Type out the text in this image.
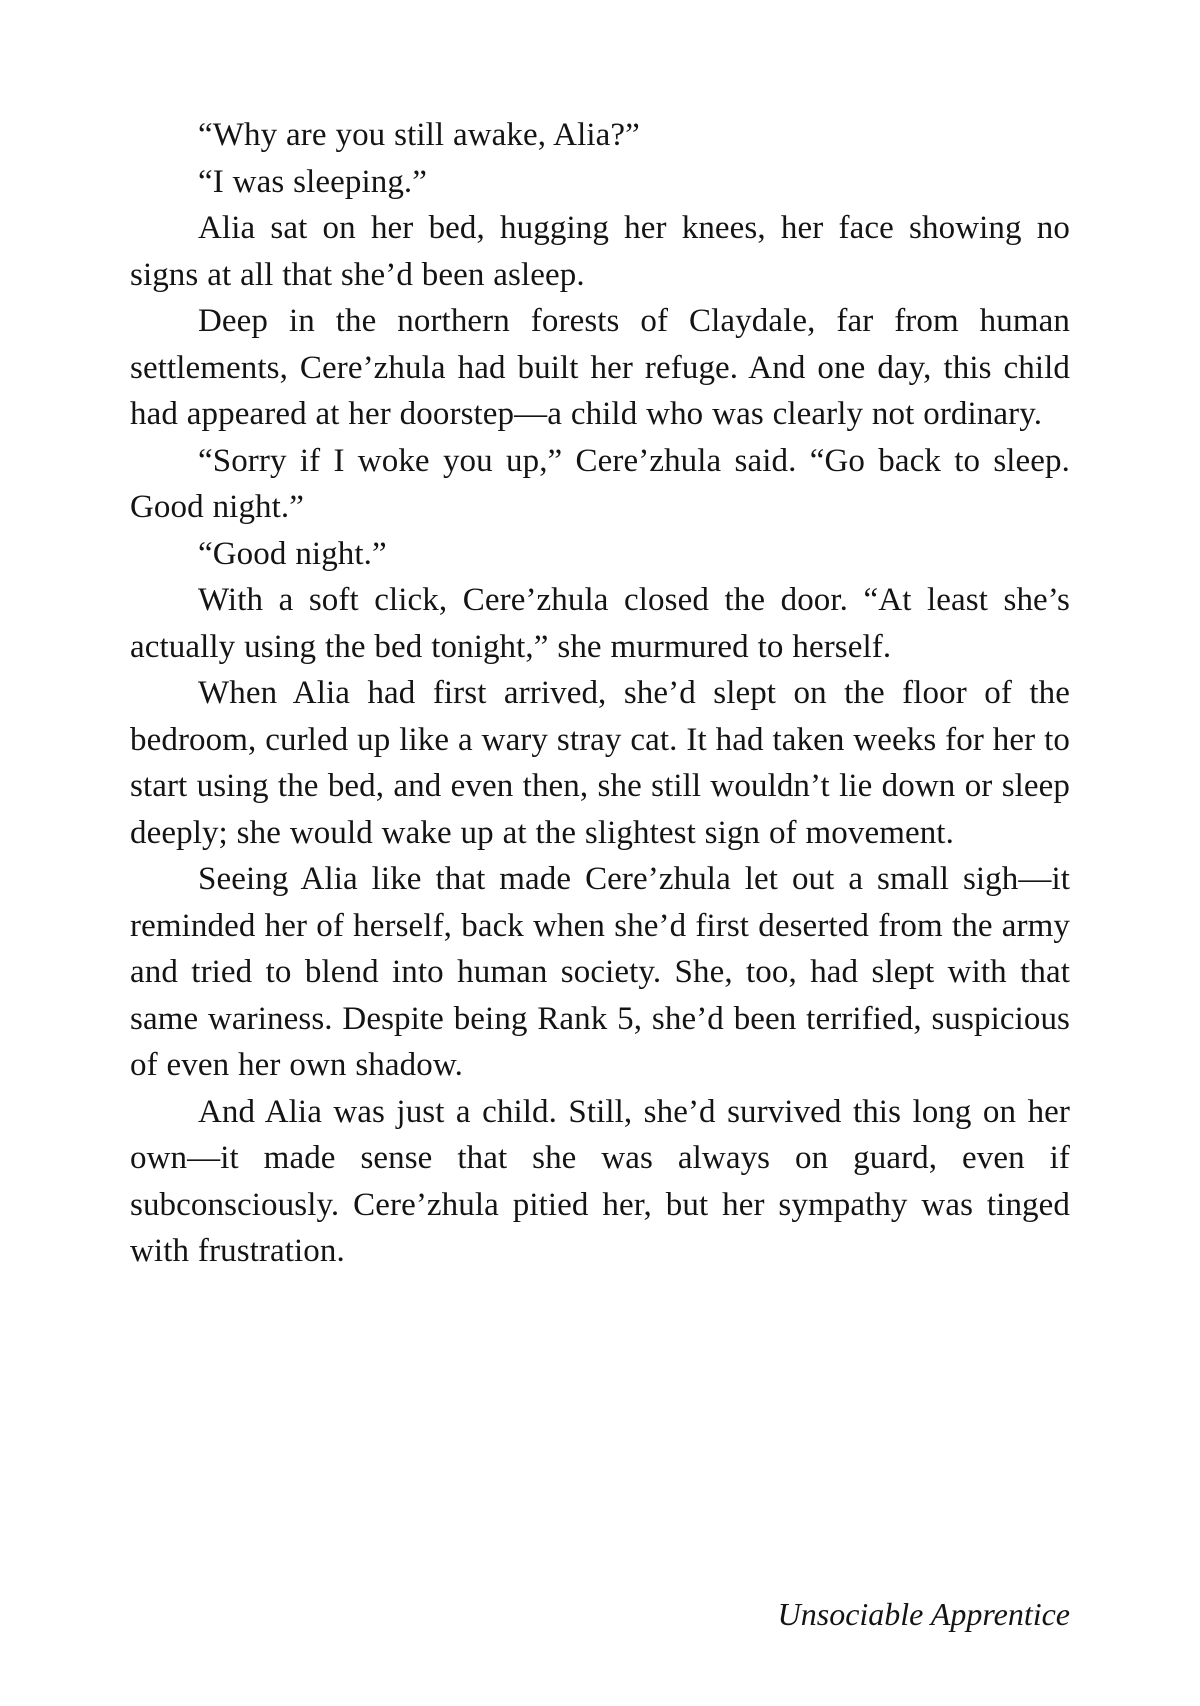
“Why are you still awake, Alia?”

“I was sleeping.”

Alia sat on her bed, hugging her knees, her face showing no signs at all that she’d been asleep.

Deep in the northern forests of Claydale, far from human settlements, Cere’zhula had built her refuge. And one day, this child had appeared at her doorstep—a child who was clearly not ordinary.

“Sorry if I woke you up,” Cere’zhula said. “Go back to sleep. Good night.”

“Good night.”

With a soft click, Cere’zhula closed the door. “At least she’s actually using the bed tonight,” she murmured to herself.

When Alia had first arrived, she’d slept on the floor of the bedroom, curled up like a wary stray cat. It had taken weeks for her to start using the bed, and even then, she still wouldn’t lie down or sleep deeply; she would wake up at the slightest sign of movement.

Seeing Alia like that made Cere’zhula let out a small sigh—it reminded her of herself, back when she’d first deserted from the army and tried to blend into human society. She, too, had slept with that same wariness. Despite being Rank 5, she’d been terrified, suspicious of even her own shadow.

And Alia was just a child. Still, she’d survived this long on her own—it made sense that she was always on guard, even if subconsciously. Cere’zhula pitied her, but her sympathy was tinged with frustration.

Unsociable Apprentice
